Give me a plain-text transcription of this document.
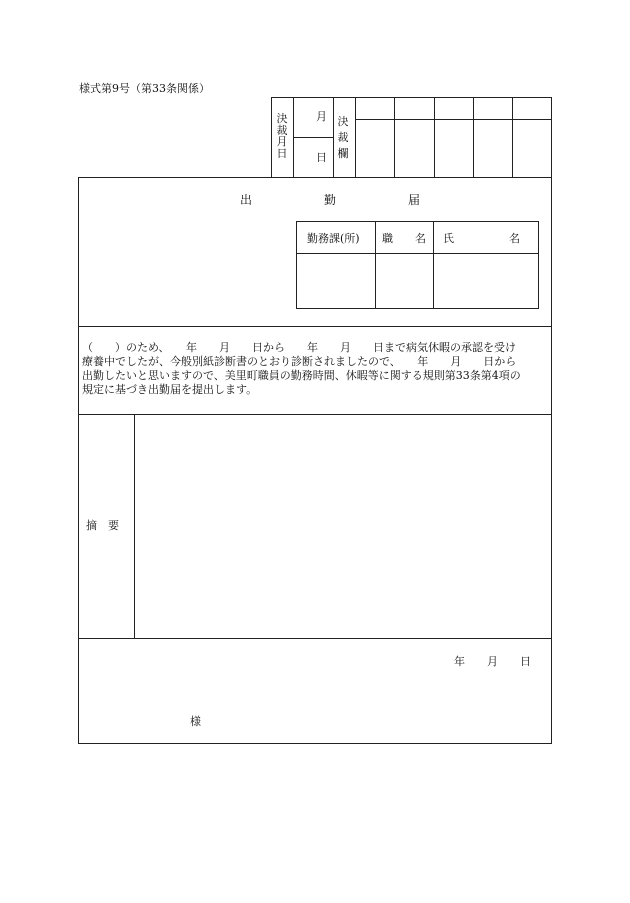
様式第9号（第33条関係）
決裁月日
月
日
決裁欄
出　　　　　　勤　　　　　　届
勤務課(所) 職　　名 氏　　　　　名
（　　）のため、　　年　　月　　日から　　年　　月　　日まで病気休暇の承認を受け
療養中でしたが、今般別紙診断書のとおり診断されましたので、　　年　　月　　日から
出勤したいと思いますので、美里町職員の勤務時間、休暇等に関する規則第33条第4項の
規定に基づき出勤届を提出します。
摘　要
年　　月　　日
様
